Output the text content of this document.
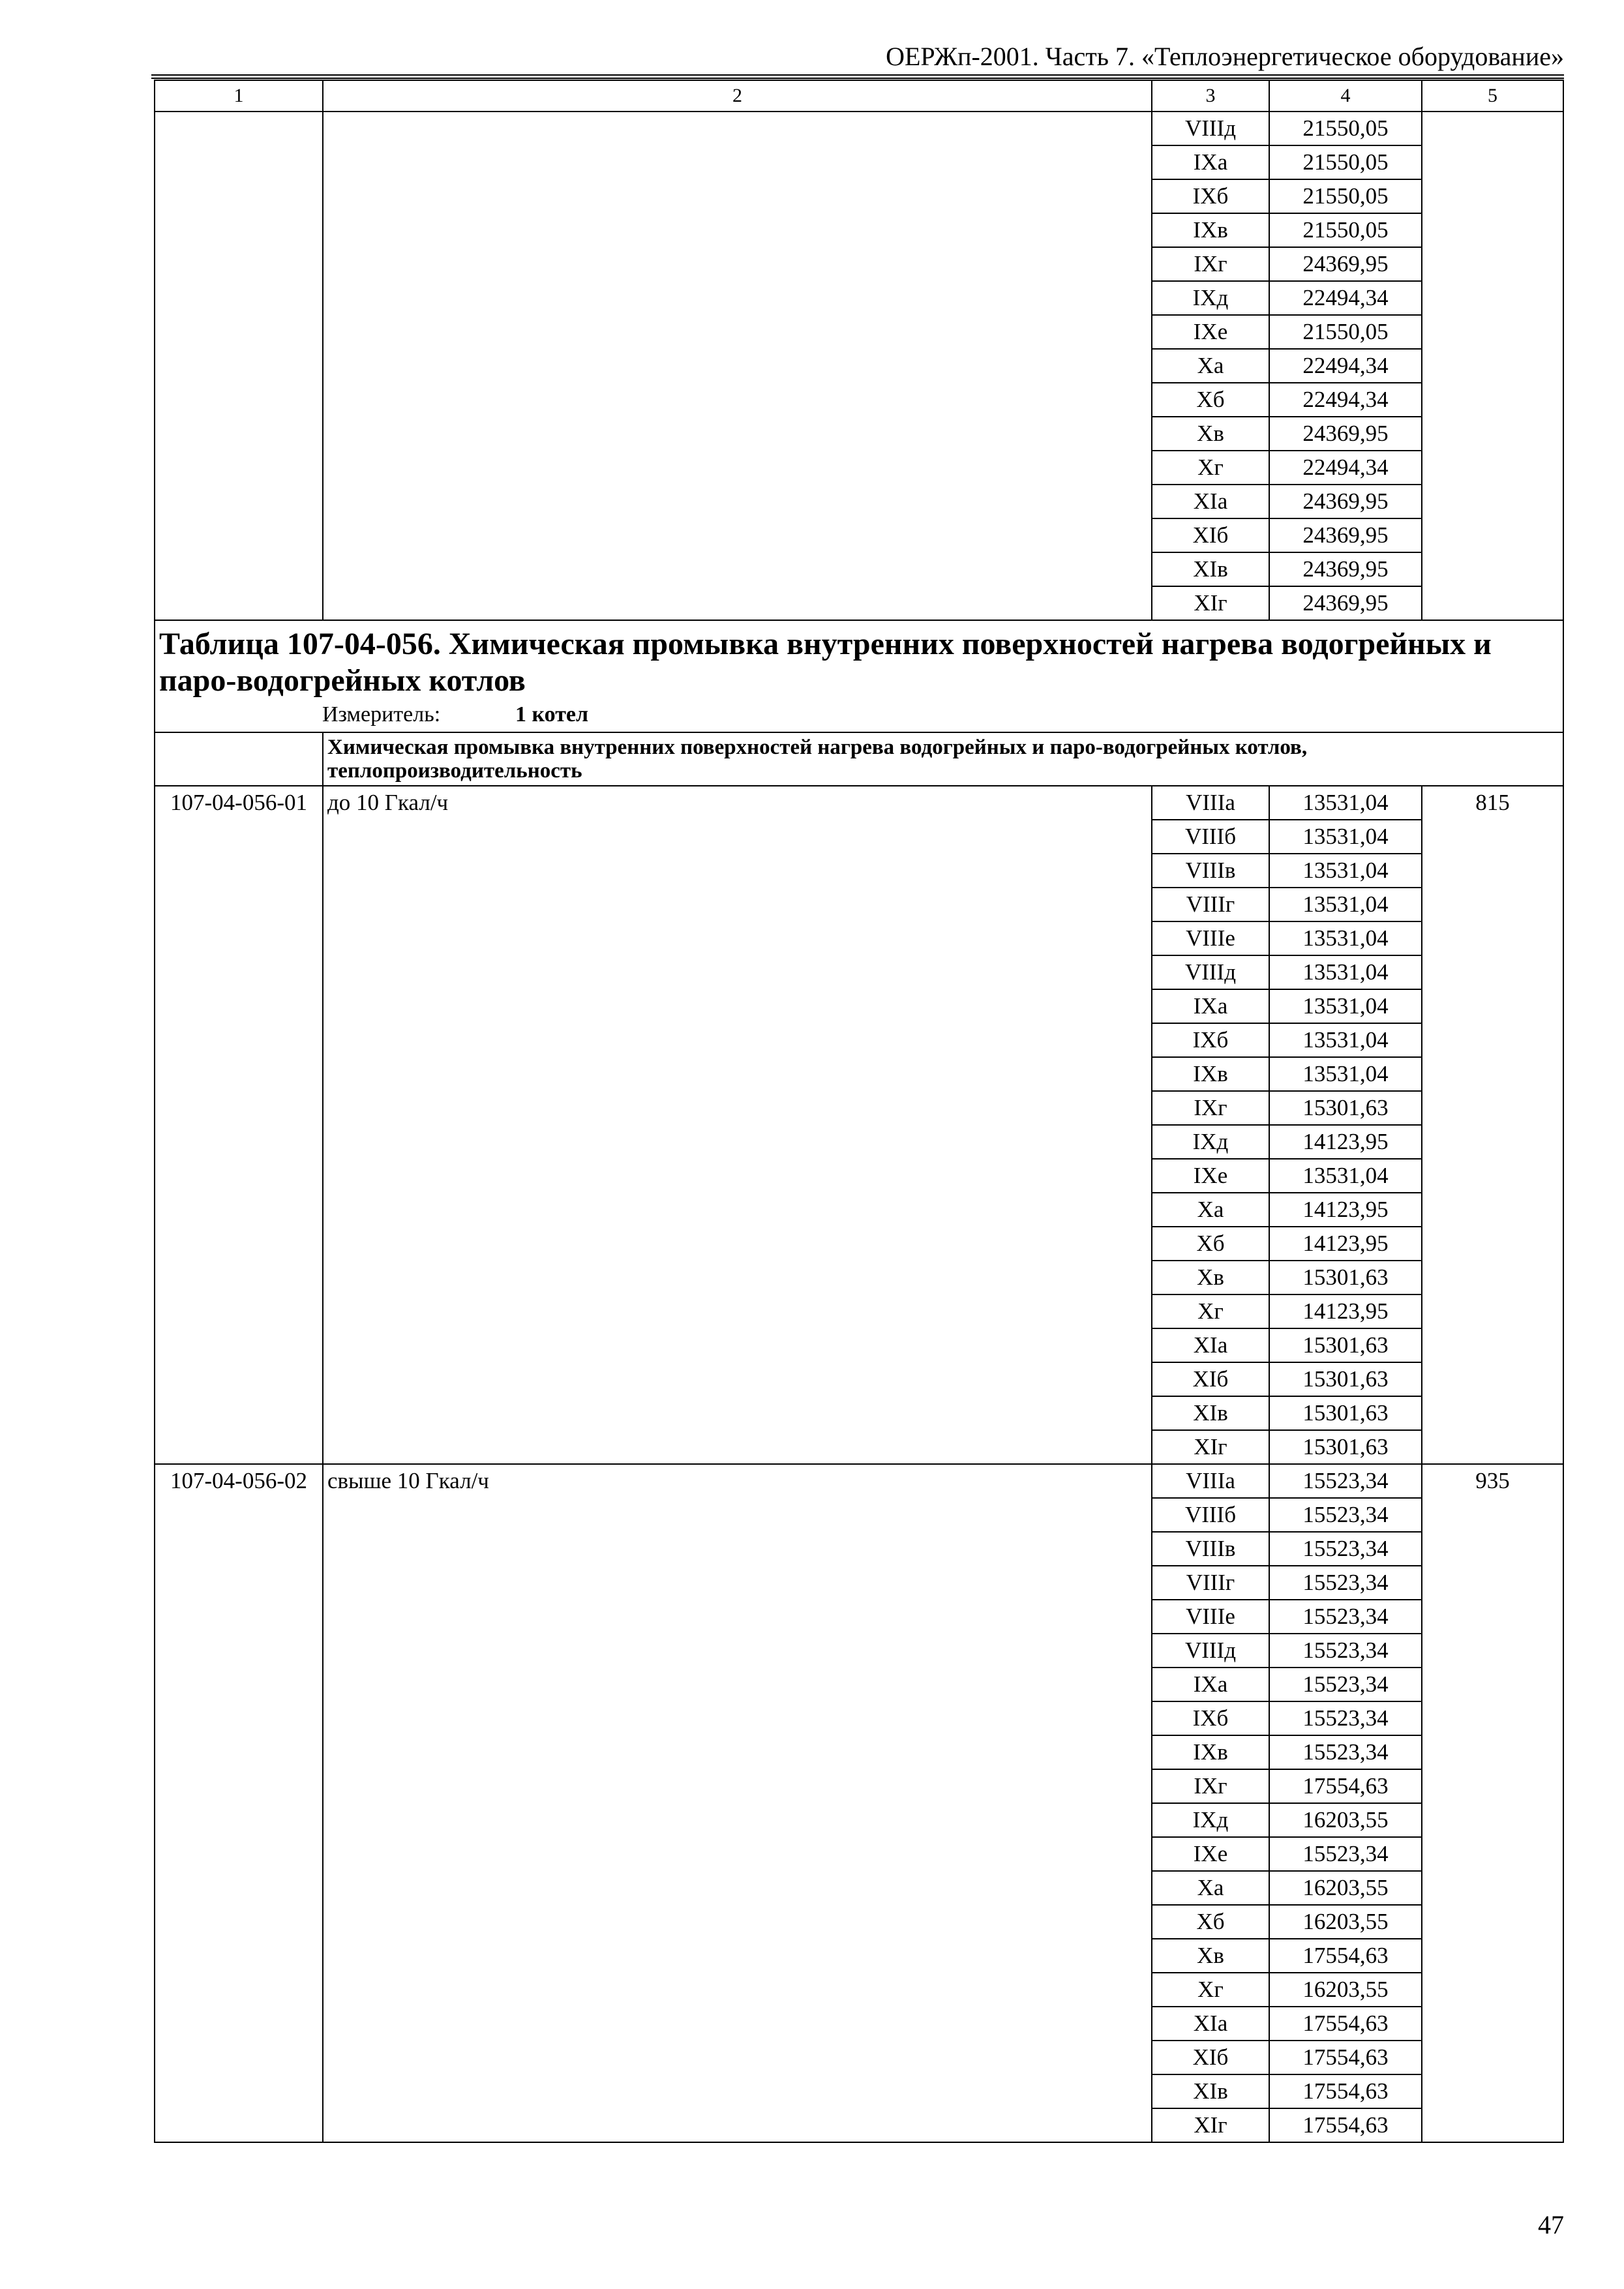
ОЕРЖп-2001. Часть 7. «Теплоэнергетическое оборудование»
1	2	3	4	5
		VIIIд	21550,05	
		IXa	21550,05	
		IXб	21550,05	
		IXв	21550,05	
		IXг	24369,95	
		IXд	22494,34	
		IXe	21550,05	
		Xa	22494,34	
		Xб	22494,34	
		Xв	24369,95	
		Xг	22494,34	
		XIa	24369,95	
		XIб	24369,95	
		XIв	24369,95	
		XIг	24369,95	

Таблица 107-04-056. Химическая промывка внутренних поверхностей нагрева водогрейных и паро-водогрейных котлов
Измеритель: 1 котел				

	Химическая промывка внутренних поверхностей нагрева водогрейных и паро-водогрейных котлов, теплопроизводительность			
107-04-056-01	до 10 Гкал/ч	VIIIa	13531,04	815
		VIIIб	13531,04	
		VIIIв	13531,04	
		VIIIг	13531,04	
		VIIIe	13531,04	
		VIIIд	13531,04	
		IXa	13531,04	
		IXб	13531,04	
		IXв	13531,04	
		IXг	15301,63	
		IXд	14123,95	
		IXe	13531,04	
		Xa	14123,95	
		Xб	14123,95	
		Xв	15301,63	
		Xг	14123,95	
		XIa	15301,63	
		XIб	15301,63	
		XIв	15301,63	
		XIг	15301,63	
107-04-056-02	свыше 10 Гкал/ч	VIIIa	15523,34	935
		VIIIб	15523,34	
		VIIIв	15523,34	
		VIIIг	15523,34	
		VIIIe	15523,34	
		VIIIд	15523,34	
		IXa	15523,34	
		IXб	15523,34	
		IXв	15523,34	
		IXг	17554,63	
		IXд	16203,55	
		IXe	15523,34	
		Xa	16203,55	
		Xб	16203,55	
		Xв	17554,63	
		Xг	16203,55	
		XIa	17554,63	
		XIб	17554,63	
		XIв	17554,63	
		XIг	17554,63	
47
